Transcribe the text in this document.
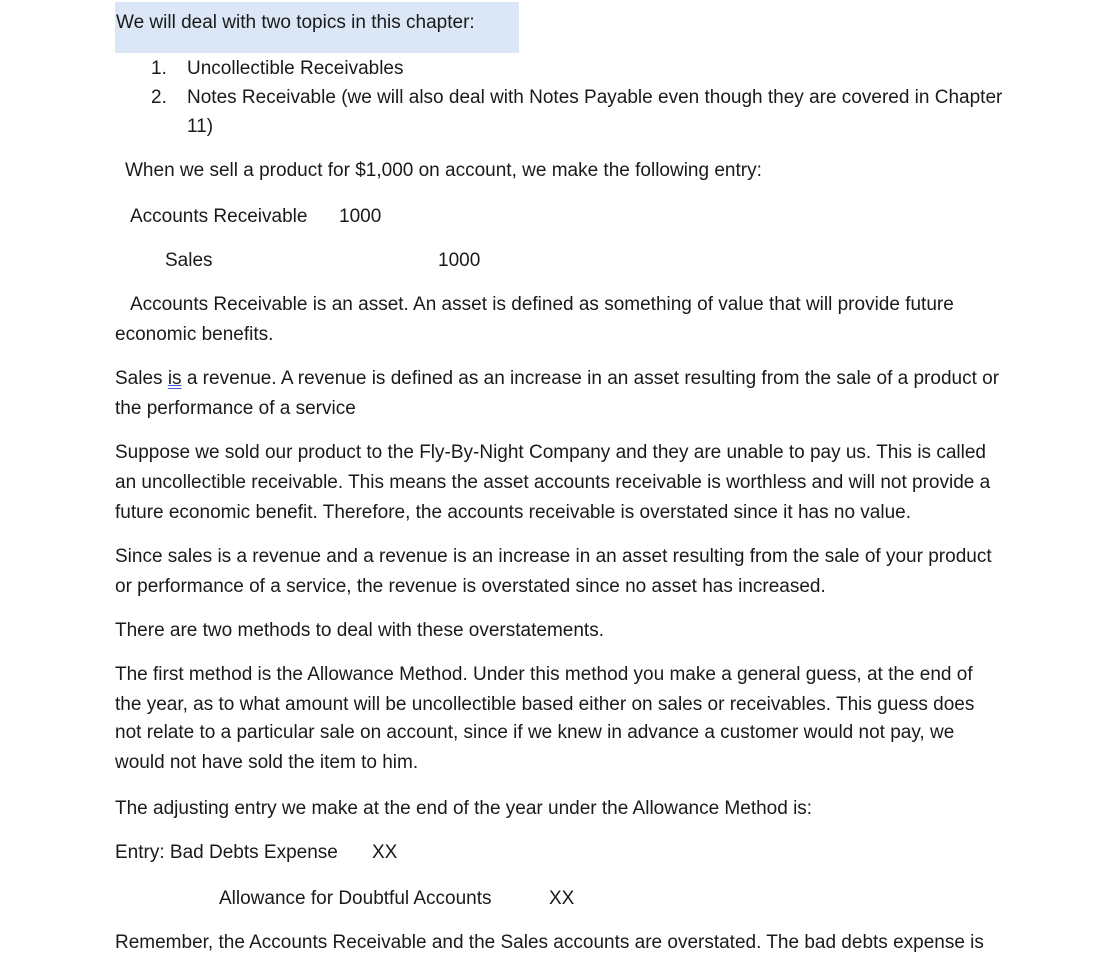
We will deal with two topics in this chapter:
1. Uncollectible Receivables
2. Notes Receivable (we will also deal with Notes Payable even though they are covered in Chapter
11)
When we sell a product for $1,000 on account, we make the following entry:
Accounts Receivable 1000
Sales	1000
Accounts Receivable is an asset. An asset is defined as something of value that will provide future
economic benefits.
Sales is a revenue. A revenue is defined as an increase in an asset resulting from the sale of a product or
the performance of a service
Suppose we sold our product to the Fly-By-Night Company and they are unable to pay us. This is called
an uncollectible receivable. This means the asset accounts receivable is worthless and will not provide a
future economic benefit. Therefore, the accounts receivable is overstated since it has no value.
Since sales is a revenue and a revenue is an increase in an asset resulting from the sale of your product
or performance of a service, the revenue is overstated since no asset has increased.
There are two methods to deal with these overstatements.
The first method is the Allowance Method. Under this method you make a general guess, at the end of
the year, as to what amount will be uncollectible based either on sales or receivables. This guess does
not relate to a particular sale on account, since if we knew in advance a customer would not pay, we
would not have sold the item to him.
The adjusting entry we make at the end of the year under the Allowance Method is:
Entry: Bad Debts Expense XX
Allowance for Doubtful Accounts	XX
Remember, the Accounts Receivable and the Sales accounts are overstated. The bad debts expense is
